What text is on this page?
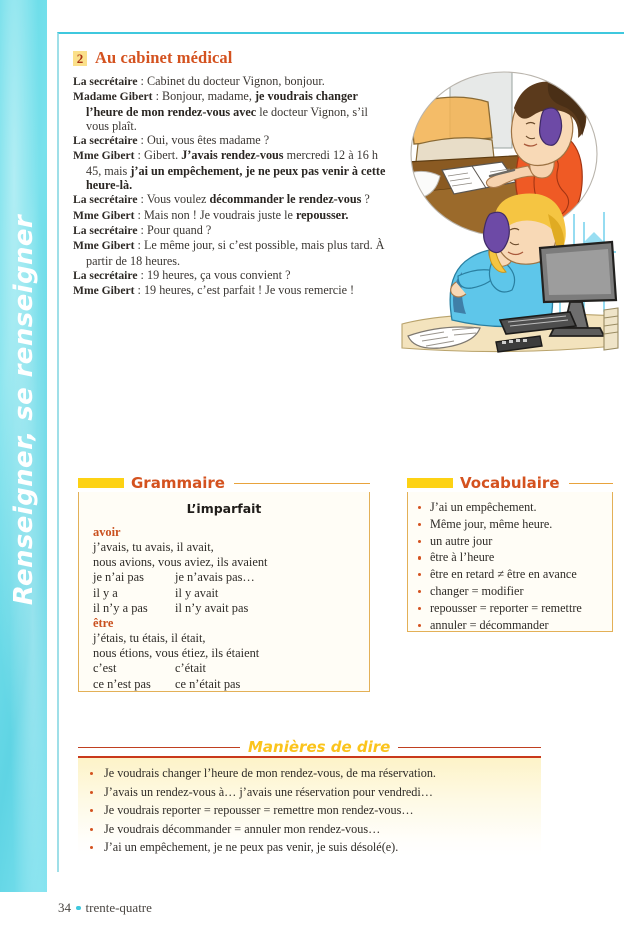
Renseigner, se renseigner
2 Au cabinet médical
La secrétaire : Cabinet du docteur Vignon, bonjour.
Madame Gibert : Bonjour, madame, je voudrais changer l’heure de mon rendez-vous avec le docteur Vignon, s’il vous plaît.
La secrétaire : Oui, vous êtes madame ?
Mme Gibert : Gibert. J’avais rendez-vous mercredi 12 à 16 h 45, mais j’ai un empêchement, je ne peux pas venir à cette heure-là.
La secrétaire : Vous voulez décommander le rendez-vous ?
Mme Gibert : Mais non ! Je voudrais juste le repousser.
La secrétaire : Pour quand ?
Mme Gibert : Le même jour, si c’est possible, mais plus tard. À partir de 18 heures.
La secrétaire : 19 heures, ça vous convient ?
Mme Gibert : 19 heures, c’est parfait ! Je vous remercie !
Grammaire
L’imparfait
avoir
j’avais, tu avais, il avait,
nous avions, vous aviez, ils avaient
je n’ai pas	je n’avais pas…
il y a	il y avait
il n’y a pas	il n’y avait pas
être
j’étais, tu étais, il était,
nous étions, vous étiez, ils étaient
c’est	c’était
ce n’est pas	ce n’était pas
Vocabulaire
J’ai un empêchement.
Même jour, même heure.
un autre jour
être à l’heure
être en retard ≠ être en avance
changer = modifier
repousser = reporter = remettre
annuler = décommander
Manières de dire
Je voudrais changer l’heure de mon rendez-vous, de ma réservation.
J’avais un rendez-vous à… j’avais une réservation pour vendredi…
Je voudrais reporter = repousser = remettre mon rendez-vous…
Je voudrais décommander = annuler mon rendez-vous…
J’ai un empêchement, je ne peux pas venir, je suis désolé(e).
34 trente-quatre
